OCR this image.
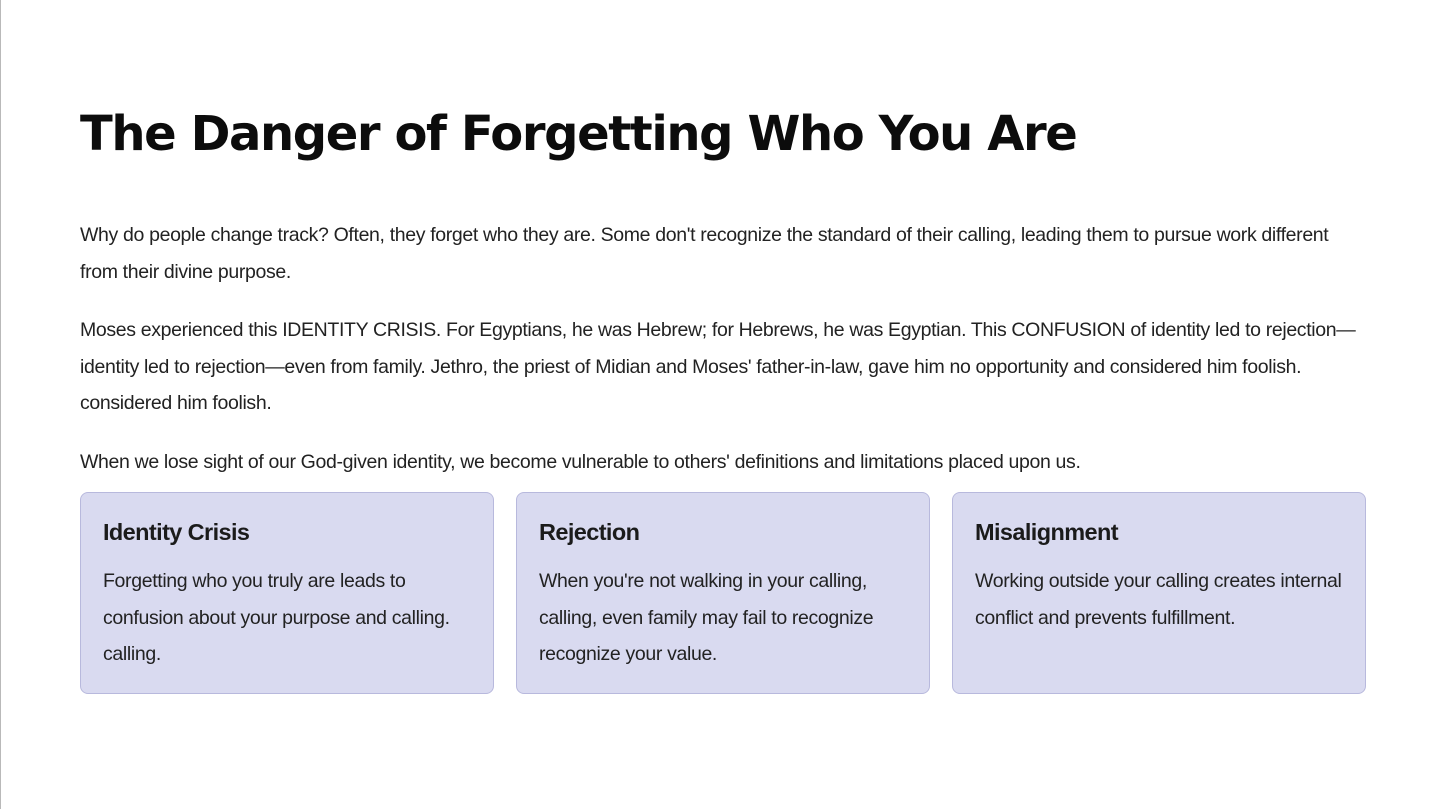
The Danger of Forgetting Who You Are

Why do people change track? Often, they forget who they are. Some don't recognize the standard of their calling, leading them to pursue work different from their divine purpose.

Moses experienced this IDENTITY CRISIS. For Egyptians, he was Hebrew; for Hebrews, he was Egyptian. This CONFUSION of identity led to rejection—identity led to rejection—even from family. Jethro, the priest of Midian and Moses' father-in-law, gave him no opportunity and considered him foolish. considered him foolish.

When we lose sight of our God-given identity, we become vulnerable to others' definitions and limitations placed upon us.

Identity Crisis

Forgetting who you truly are leads to confusion about your purpose and calling. calling.

Rejection

When you're not walking in your calling, calling, even family may fail to recognize recognize your value.

Misalignment

Working outside your calling creates internal conflict and prevents fulfillment.
